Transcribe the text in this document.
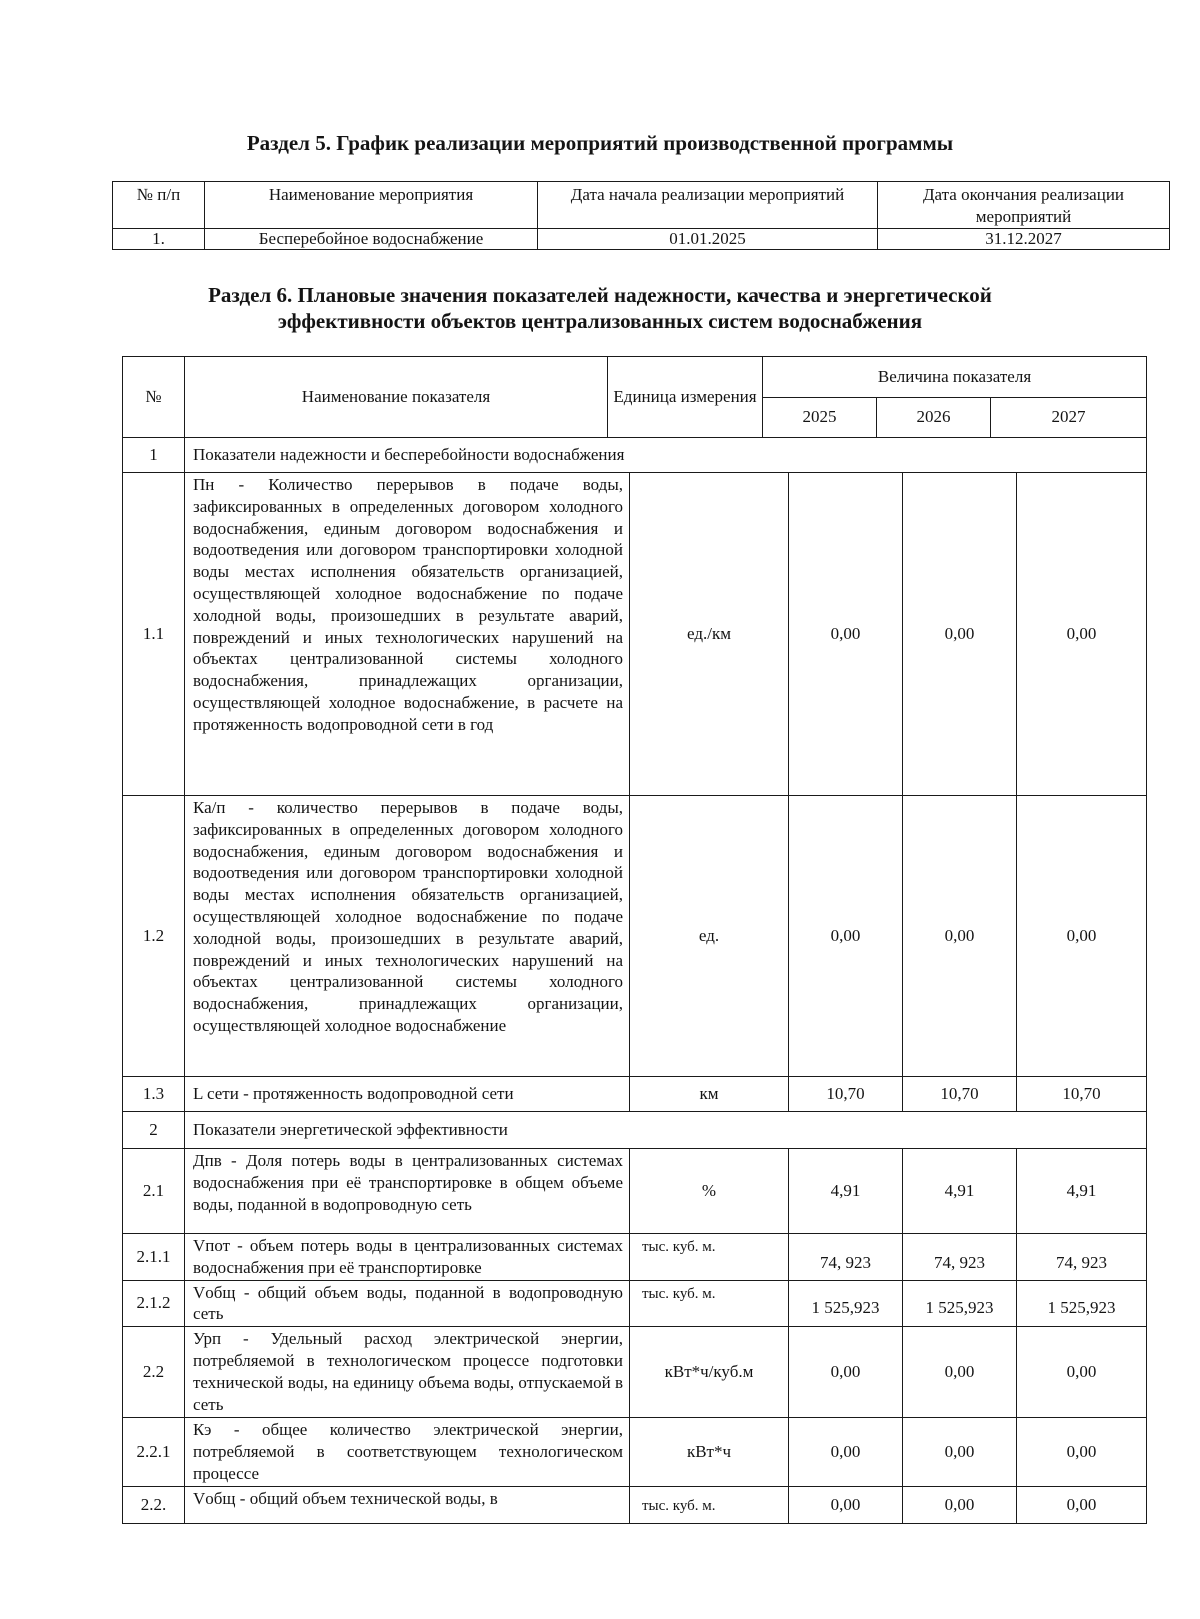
Раздел 5. График реализации мероприятий производственной программы
№ п/п	Наименование мероприятия	Дата начала реализации мероприятий	Дата окончания реализации мероприятий
1.	Бесперебойное водоснабжение	01.01.2025	31.12.2027
Раздел 6. Плановые значения показателей надежности, качества и энергетической
эффективности объектов централизованных систем водоснабжения
№	Наименование показателя	Единица измерения	Величина показателя		
			2025	2026	2027
1	Показатели надежности и бесперебойности водоснабжения				
1.1	Пн - Количество перерывов в подаче воды, зафиксированных в определенных договором холодного водоснабжения, единым договором водоснабжения и водоотведения или договором транспортировки холодной воды местах исполнения обязательств организацией, осуществляющей холодное водоснабжение по подаче холодной воды, произошедших в результате аварий, повреждений и иных технологических нарушений на объектах централизованной системы холодного водоснабжения, принадлежащих организации, осуществляющей холодное водоснабжение, в расчете на протяженность водопроводной сети в год	ед./км	0,00	0,00	0,00
1.2	Ка/п - количество перерывов в подаче воды, зафиксированных в определенных договором холодного водоснабжения, единым договором водоснабжения и водоотведения или договором транспортировки холодной воды местах исполнения обязательств организацией, осуществляющей холодное водоснабжение по подаче холодной воды, произошедших в результате аварий, повреждений и иных технологических нарушений на объектах централизованной системы холодного водоснабжения, принадлежащих организации, осуществляющей холодное водоснабжение	ед.	0,00	0,00	0,00
1.3	L сети - протяженность водопроводной сети	км	10,70	10,70	10,70
2	Показатели энергетической эффективности				
2.1	Дпв - Доля потерь воды в централизованных системах водоснабжения при её транспортировке в общем объеме воды, поданной в водопроводную сеть	%	4,91	4,91	4,91
2.1.1	Vпот - объем потерь воды в централизованных системах водоснабжения при её транспортировке	тыс. куб. м.	74, 923	74, 923	74, 923
2.1.2	Vобщ - общий объем воды, поданной в водопроводную сеть	тыс. куб. м.	1 525,923	1 525,923	1 525,923
2.2	Урп - Удельный расход электрической энергии, потребляемой в технологическом процессе подготовки технической воды, на единицу объема воды, отпускаемой в сеть	кВт*ч/куб.м	0,00	0,00	0,00
2.2.1	Кэ - общее количество электрической энергии, потребляемой в соответствующем технологическом процессе	кВт*ч	0,00	0,00	0,00
2.2.	Vобщ - общий объем технической воды, в	тыс. куб. м.	0,00	0,00	0,00
